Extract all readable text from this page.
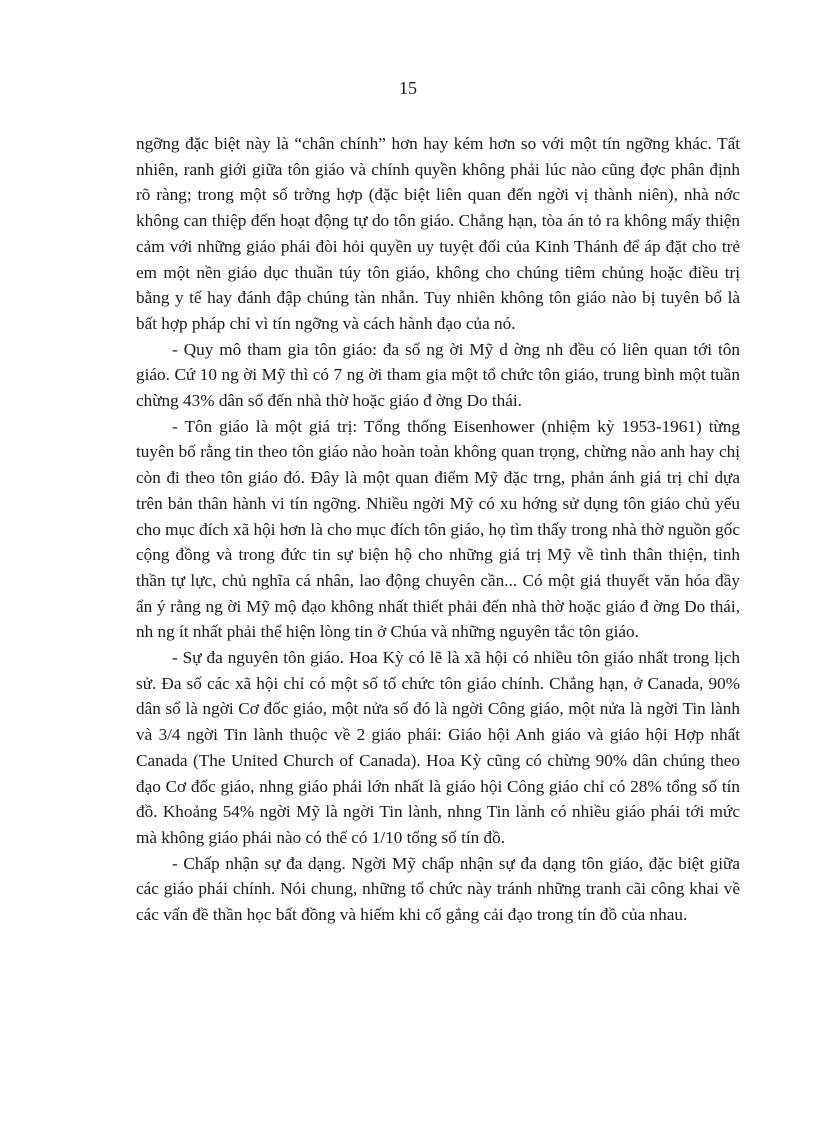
15

ngỡng đặc biệt này là “chân chính” hơn hay kém hơn so với một tín ngỡng khác. Tất nhiên, ranh giới giữa tôn giáo và chính quyền không phải lúc nào cũng đợc phân định rõ ràng; trong một số trờng hợp (đặc biệt liên quan đến ngời vị thành niên), nhà nớc không can thiệp đến hoạt động tự do tôn giáo. Chẳng hạn, tòa án tỏ ra không mấy thiện cảm với những giáo phái đòi hỏi quyền uy tuyệt đối của Kinh Thánh để áp đặt cho trẻ em một nền giáo dục thuần túy tôn giáo, không cho chúng tiêm chủng hoặc điều trị bằng y tế hay đánh đập chúng tàn nhẫn. Tuy nhiên không tôn giáo nào bị tuyên bố là bất hợp pháp chỉ vì tín ngỡng và cách hành đạo của nó.

- Quy mô tham gia tôn giáo: đa số ng ời Mỹ d ờng nh đều có liên quan tới tôn giáo. Cứ 10 ng ời Mỹ thì có 7 ng ời tham gia một tổ chức tôn giáo, trung bình một tuần chừng 43% dân số đến nhà thờ hoặc giáo đ ờng Do thái.

- Tôn giáo là một giá trị: Tổng thống Eisenhower (nhiệm kỳ 1953-1961) từng tuyên bố rằng tin theo tôn giáo nào hoàn toàn không quan trọng, chừng nào anh hay chị còn đi theo tôn giáo đó. Đây là một quan điểm Mỹ đặc trng, phản ánh giá trị chỉ dựa trên bản thân hành vi tín ngỡng. Nhiều ngời Mỹ có xu hớng sử dụng tôn giáo chủ yếu cho mục đích xã hội hơn là cho mục đích tôn giáo, họ tìm thấy trong nhà thờ nguồn gốc cộng đồng và trong đức tin sự biện hộ cho những giá trị Mỹ về tình thân thiện, tinh thần tự lực, chủ nghĩa cá nhân, lao động chuyên cần... Có một giả thuyết văn hóa đầy ẩn ý rằng ng ời Mỹ mộ đạo không nhất thiết phải đến nhà thờ hoặc giáo đ ờng Do thái, nh ng ít nhất phải thể hiện lòng tin ở Chúa và những nguyên tắc tôn giáo.

- Sự đa nguyên tôn giáo. Hoa Kỳ có lẽ là xã hội có nhiều tôn giáo nhất trong lịch sử. Đa số các xã hội chỉ có một số tổ chức tôn giáo chính. Chẳng hạn, ở Canada, 90% dân số là ngời Cơ đốc giáo, một nửa số đó là ngời Công giáo, một nửa là ngời Tin lành và 3/4 ngời Tin lành thuộc về 2 giáo phái: Giáo hội Anh giáo và giáo hội Hợp nhất Canada (The United Church of Canada). Hoa Kỳ cũng có chừng 90% dân chúng theo đạo Cơ đốc giáo, nhng giáo phái lớn nhất là giáo hội Công giáo chỉ có 28% tổng số tín đồ. Khoảng 54% ngời Mỹ là ngời Tin lành, nhng Tin lành có nhiều giáo phái tới mức mà không giáo phái nào có thể có 1/10 tổng số tín đồ.

- Chấp nhận sự đa dạng. Ngời Mỹ chấp nhận sự đa dạng tôn giáo, đặc biệt giữa các giáo phái chính. Nói chung, những tổ chức này tránh những tranh cãi công khai về các vấn đề thần học bất đồng và hiếm khi cố gắng cải đạo trong tín đồ của nhau.
